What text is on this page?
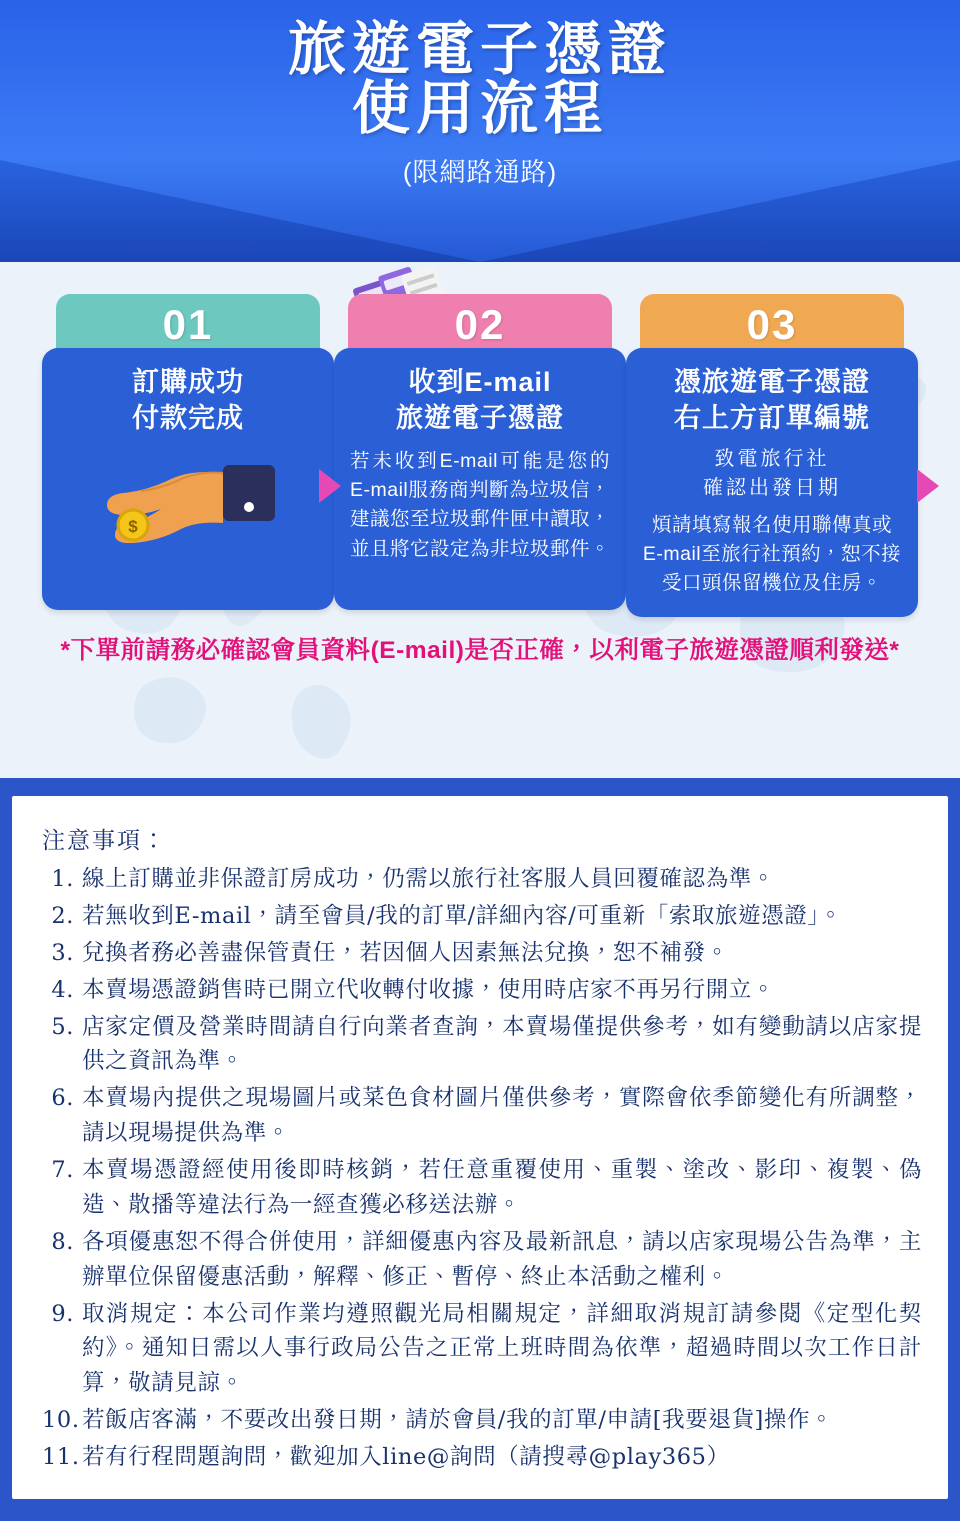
旅遊電子憑證
使用流程
(限網路通路)
01
訂購成功
付款完成
$
02
收到E-mail
旅遊電子憑證
若未收到E-mail可能是您的 E-mail服務商判斷為垃圾信，建議您至垃圾郵件匣中讀取，並且將它設定為非垃圾郵件。
03
憑旅遊電子憑證
右上方訂單編號
致電旅行社
確認出發日期
煩請填寫報名使用聯傳真或E-mail至旅行社預約，恕不接受口頭保留機位及住房。
*下單前請務必確認會員資料(E-mail)是否正確，以利電子旅遊憑證順利發送*
注意事項：
線上訂購並非保證訂房成功，仍需以旅行社客服人員回覆確認為準。
若無收到E-mail，請至會員/我的訂單/詳細內容/可重新「索取旅遊憑證」。
兌換者務必善盡保管責任，若因個人因素無法兌換，恕不補發。
本賣場憑證銷售時已開立代收轉付收據，使用時店家不再另行開立。
店家定價及營業時間請自行向業者查詢，本賣場僅提供參考，如有變動請以店家提供之資訊為準。
本賣場內提供之現場圖片或菜色食材圖片僅供參考，實際會依季節變化有所調整，請以現場提供為準。
本賣場憑證經使用後即時核銷，若任意重覆使用、重製、塗改、影印、複製、偽造、散播等違法行為一經查獲必移送法辦。
各項優惠恕不得合併使用，詳細優惠內容及最新訊息，請以店家現場公告為準，主辦單位保留優惠活動，解釋、修正、暫停、終止本活動之權利。
取消規定：本公司作業均遵照觀光局相關規定，詳細取消規訂請參閱《定型化契約》。通知日需以人事行政局公告之正常上班時間為依準，超過時間以次工作日計算，敬請見諒。
若飯店客滿，不要改出發日期，請於會員/我的訂單/申請[我要退貨]操作。
若有行程問題詢問，歡迎加入line@詢問（請搜尋@play365）
